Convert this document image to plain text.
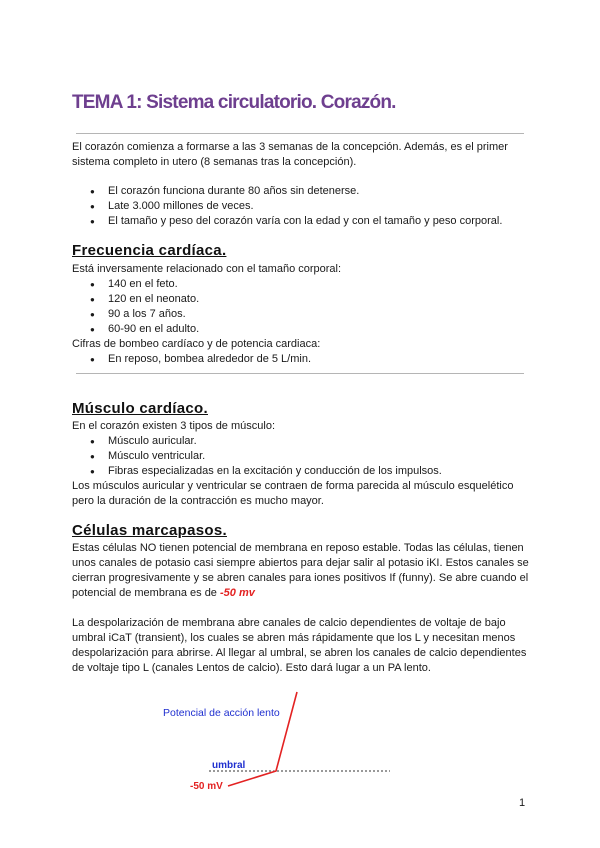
TEMA 1: Sistema circulatorio. Corazón.

El corazón comienza a formarse a las 3 semanas de la concepción. Además, es el primer sistema completo in utero (8 semanas tras la concepción).

● El corazón funciona durante 80 años sin detenerse.
● Late 3.000 millones de veces.
● El tamaño y peso del corazón varía con la edad y con el tamaño y peso corporal.
Frecuencia cardíaca.

Está inversamente relacionado con el tamaño corporal:

● 140 en el feto.
● 120 en el neonato.
● 90 a los 7 años.
● 60-90 en el adulto.

Cifras de bombeo cardíaco y de potencia cardiaca:

● En reposo, bombea alrededor de 5 L/min.
Músculo cardíaco.

En el corazón existen 3 tipos de músculo:

● Músculo auricular.
● Músculo ventricular.
● Fibras especializadas en la excitación y conducción de los impulsos.

Los músculos auricular y ventricular se contraen de forma parecida al músculo esquelético pero la duración de la contracción es mucho mayor.

Células marcapasos.

Estas células NO tienen potencial de membrana en reposo estable. Todas las células, tienen unos canales de potasio casi siempre abiertos para dejar salir al potasio iKI. Estos canales se cierran progresivamente y se abren canales para iones positivos If (funny). Se abre cuando el potencial de membrana es de -50 mv

La despolarización de membrana abre canales de calcio dependientes de voltaje de bajo umbral iCaT (transient), los cuales se abren más rápidamente que los L y necesitan menos despolarización para abrirse. Al llegar al umbral, se abren los canales de calcio dependientes de voltaje tipo L (canales Lentos de calcio). Esto dará lugar a un PA lento.

Potencial de acción lento
umbral
-50 mV
1
